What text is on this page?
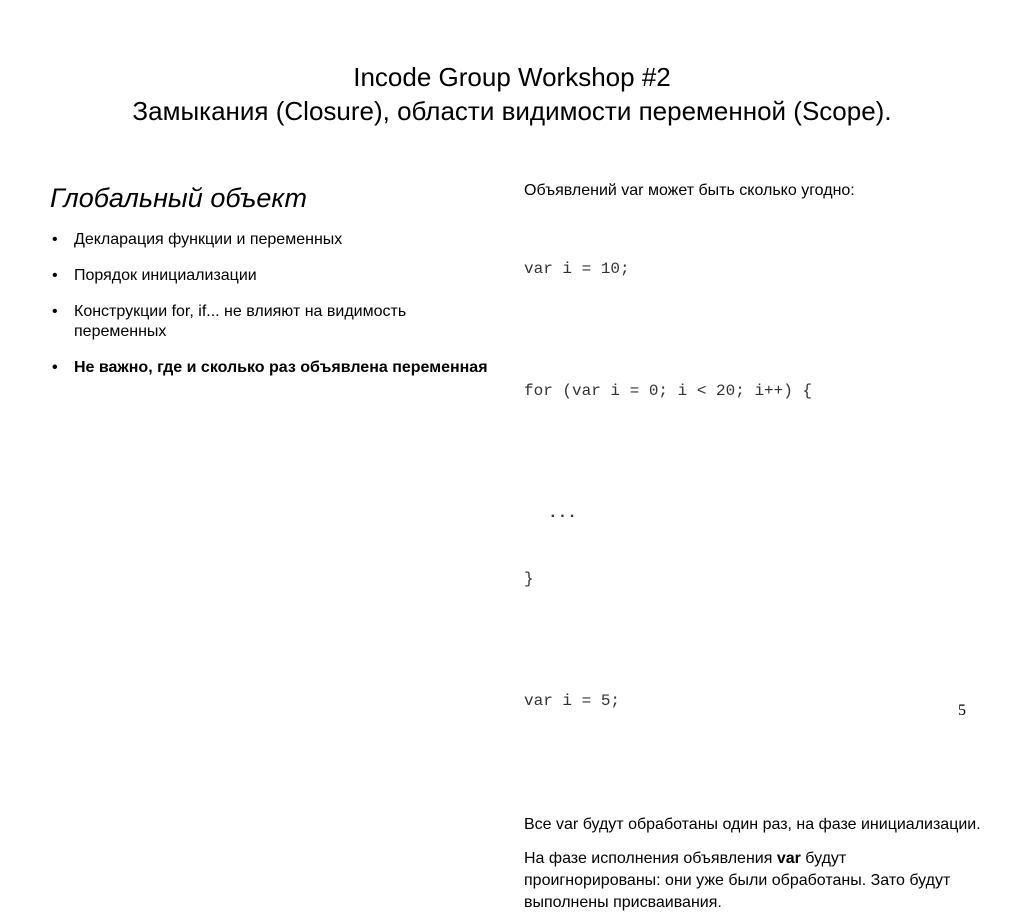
Incode Group Workshop #2
Замыкания (Closure), области видимости переменной (Scope).
Глобальный объект
• Декларация функции и переменных
• Порядок инициализации
• Конструкции for, if... не влияют на видимость переменных
• Не важно, где и сколько раз объявлена переменная

Объявлений var может быть сколько угодно:

var i = 10;

for (var i = 0; i < 20; i++) {

...

}

var i = 5;

Все var будут обработаны один раз, на фазе инициализации.

На фазе исполнения объявления var будут проигнорированы: они уже были обработаны. Зато будут выполнены присваивания.

5
